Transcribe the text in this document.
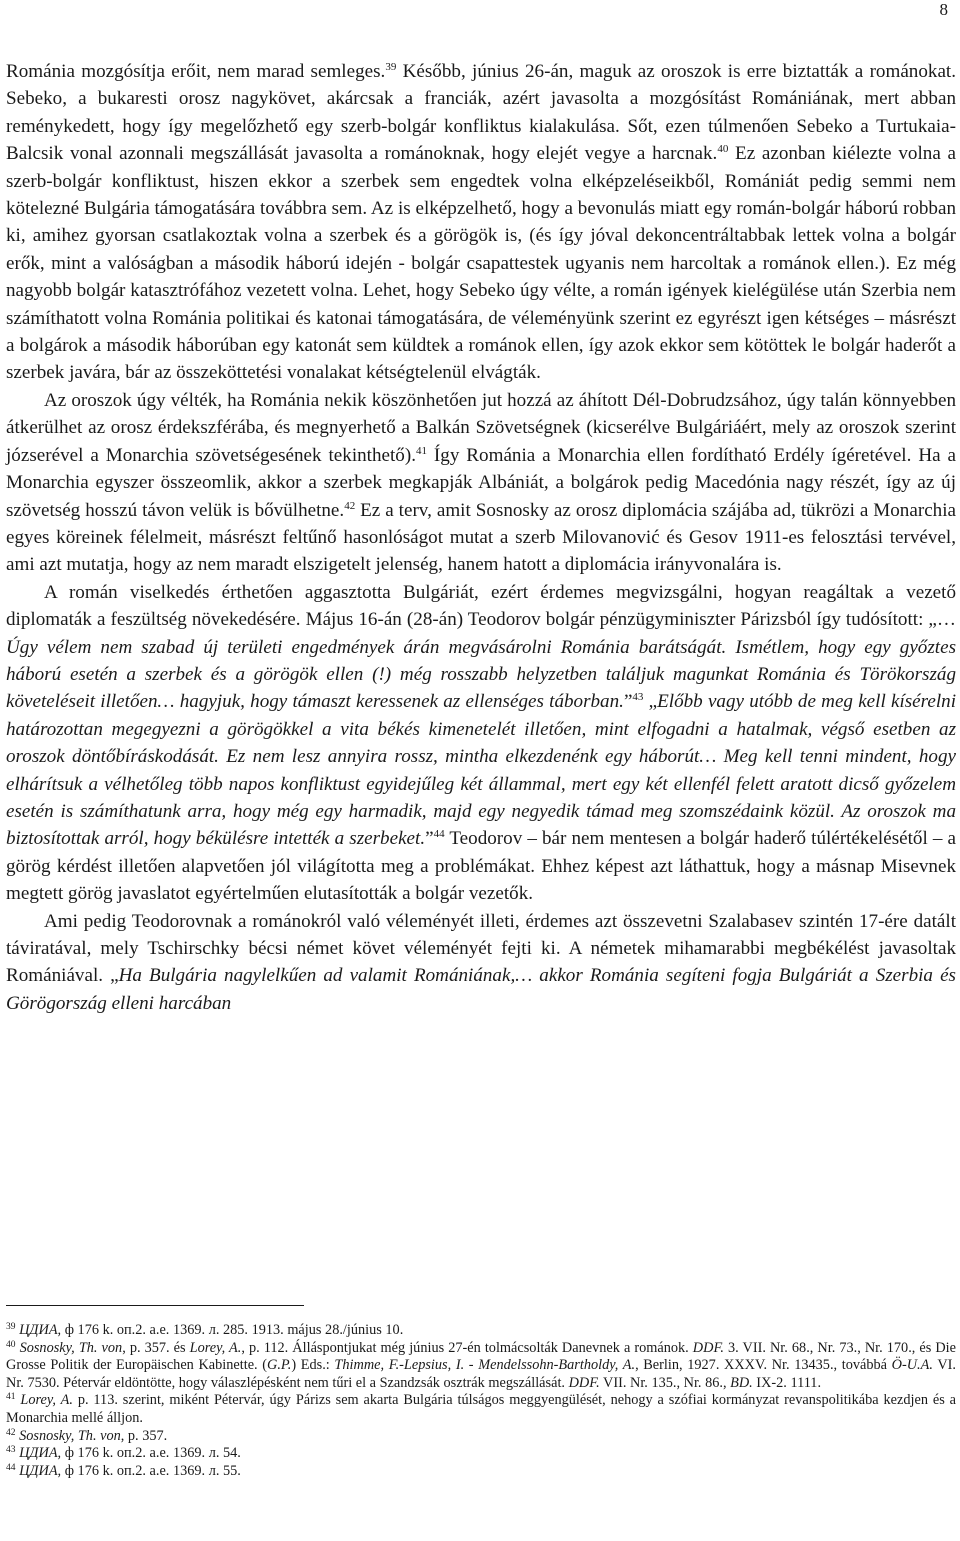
8

Románia mozgósítja erőit, nem marad semleges.$^{39}$ Később, június 26-án, maguk az oroszok is erre biztatták a románokat. Sebeko, a bukaresti orosz nagykövet, akárcsak a franciák, azért javasolta a mozgósítást Romániának, mert abban reménykedett, hogy így megelőzhető egy szerb-bolgár konfliktus kialakulása. Sőt, ezen túlmenően Sebeko a Turtukaia-Balcsik vonal azonnali megszállását javasolta a románoknak, hogy elejét vegye a harcnak.$^{40}$ Ez azonban kiélezte volna a szerb-bolgár konfliktust, hiszen ekkor a szerbek sem engedtek volna elképzeléseikből, Romániát pedig semmi nem kötelezné Bulgária támogatására továbbra sem. Az is elképzelhető, hogy a bevonulás miatt egy román-bolgár háború robban ki, amihez gyorsan csatlakoztak volna a szerbek és a görögök is, (és így jóval dekoncentráltabbak lettek volna a bolgár erők, mint a valóságban a második háború idején - bolgár csapattestek ugyanis nem harcoltak a románok ellen.). Ez még nagyobb bolgár katasztrófához vezetett volna. Lehet, hogy Sebeko úgy vélte, a román igények kielégülése után Szerbia nem számíthatott volna Románia politikai és katonai támogatására, de véleményünk szerint ez egyrészt igen kétséges – másrészt a bolgárok a második háborúban egy katonát sem küldtek a románok ellen, így azok ekkor sem kötöttek le bolgár haderőt a szerbek javára, bár az összeköttetési vonalakat kétségtelenül elvágták.

Az oroszok úgy vélték, ha Románia nekik köszönhetően jut hozzá az áhított Dél-Dobrudzsához, úgy talán könnyebben átkerülhet az orosz érdekszférába, és megnyerhető a Balkán Szövetségnek (kicserélve Bulgáriáért, mely az oroszok szerint józserével a Monarchia szövetségesének tekinthető).$^{41}$ Így Románia a Monarchia ellen fordítható Erdély ígéretével. Ha a Monarchia egyszer összeomlik, akkor a szerbek megkapják Albániát, a bolgárok pedig Macedónia nagy részét, így az új szövetség hosszú távon velük is bővülhetne.$^{42}$ Ez a terv, amit Sosnosky az orosz diplomácia szájába ad, tükrözi a Monarchia egyes köreinek félelmeit, másrészt feltűnő hasonlóságot mutat a szerb Milovanović és Gesov 1911-es felosztási tervével, ami azt mutatja, hogy az nem maradt elszigetelt jelenség, hanem hatott a diplomácia irányvonalára is.

A román viselkedés érthetően aggasztotta Bulgáriát, ezért érdemes megvizsgálni, hogyan reagáltak a vezető diplomaták a feszültség növekedésére. Május 16-án (28-án) Teodorov bolgár pénzügyminiszter Párizsból így tudósított: „… Úgy vélem nem szabad új területi engedmények árán megvásárolni Románia barátságát. Ismétlem, hogy egy győztes háború esetén a szerbek és a görögök ellen (!) még rosszabb helyzetben találjuk magunkat Románia és Törökország követeléseit illetően… hagyjuk, hogy támaszt keressenek az ellenséges táborban.”$^{43}$ „Előbb vagy utóbb de meg kell kísérelni határozottan megegyezni a görögökkel a vita békés kimenetelét illetően, mint elfogadni a hatalmak, végső esetben az oroszok döntőbíráskodását. Ez nem lesz annyira rossz, mintha elkezdenénk egy háborút… Meg kell tenni mindent, hogy elhárítsuk a vélhetőleg több napos konfliktust egyidejűleg két állammal, mert egy két ellenfél felett aratott dicső győzelem esetén is számíthatunk arra, hogy még egy harmadik, majd egy negyedik támad meg szomszédaink közül. Az oroszok ma biztosítottak arról, hogy békülésre intették a szerbeket.”$^{44}$ Teodorov – bár nem mentesen a bolgár haderő túlértékelésétől – a görög kérdést illetően alapvetően jól világította meg a problémákat. Ehhez képest azt láthattuk, hogy a másnap Misevnek megtett görög javaslatot egyértelműen elutasították a bolgár vezetők.

Ami pedig Teodorovnak a románokról való véleményét illeti, érdemes azt összevetni Szalabasev szintén 17-ére datált táviratával, mely Tschirschky bécsi német követ véleményét fejti ki. A németek mihamarabbi megbékélést javasoltak Romániával. „Ha Bulgária nagylelkűen ad valamit Romániának,… akkor Románia segíteni fogja Bulgáriát a Szerbia és Görögország elleni harcában

$^{39}$ ЦДИА, ф 176 k. оп.2. a.e. 1369. л. 285. 1913. május 28./június 10.

$^{40}$ Sosnosky, Th. von, p. 357. és Lorey, A., p. 112. Álláspontjukat még június 27-én tolmácsolták Danevnek a románok. DDF. 3. VII. Nr. 68., Nr. 73., Nr. 170., és Die Grosse Politik der Europäischen Kabinette. (G.P.) Eds.: Thimme, F.-Lepsius, I. - Mendelssohn-Bartholdy, A., Berlin, 1927. XXXV. Nr. 13435., továbbá Ö-U.A. VI. Nr. 7530. Pétervár eldöntötte, hogy válaszlépésként nem tűri el a Szandzsák osztrák megszállását. DDF. VII. Nr. 135., Nr. 86., BD. IX-2. 1111.

$^{41}$ Lorey, A. p. 113. szerint, miként Pétervár, úgy Párizs sem akarta Bulgária túlságos meggyengülését, nehogy a szófiai kormányzat revanspolitikába kezdjen és a Monarchia mellé álljon.

$^{42}$ Sosnosky, Th. von, p. 357.

$^{43}$ ЦДИА, ф 176 k. оп.2. a.e. 1369. л. 54.

$^{44}$ ЦДИА, ф 176 k. оп.2. a.e. 1369. л. 55.
